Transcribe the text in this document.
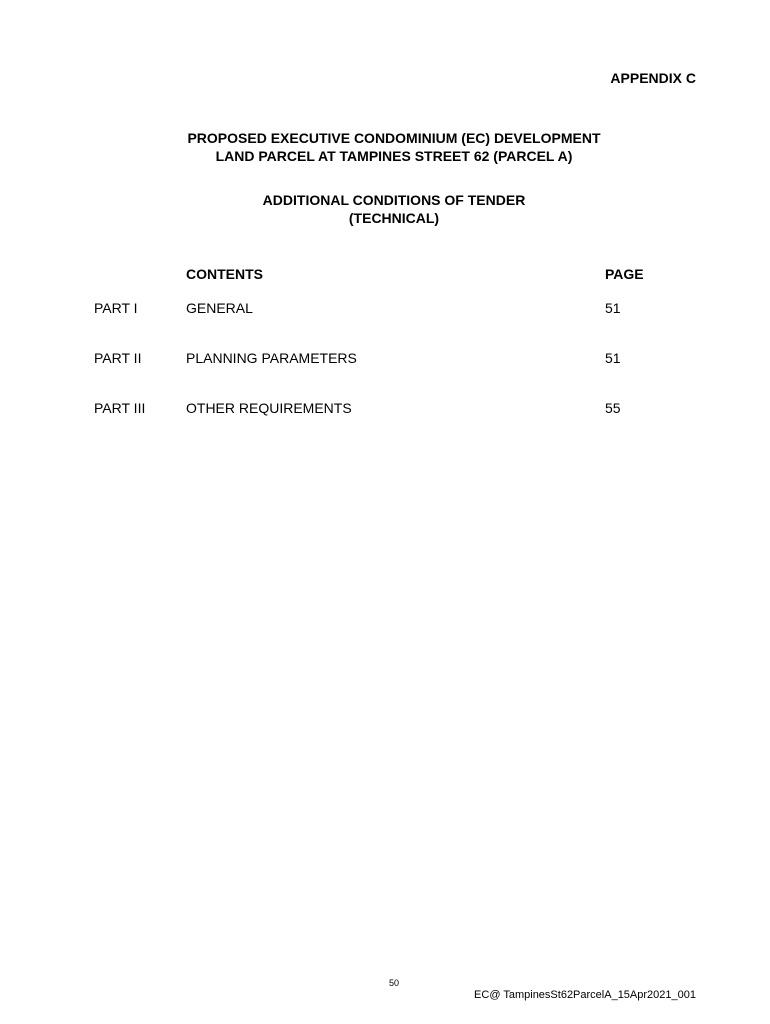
APPENDIX C
PROPOSED EXECUTIVE CONDOMINIUM (EC) DEVELOPMENT
LAND PARCEL AT TAMPINES STREET 62 (PARCEL A)
ADDITIONAL CONDITIONS OF TENDER
(TECHNICAL)
CONTENTS	PAGE
PART I	GENERAL	51
PART II	PLANNING PARAMETERS	51
PART III	OTHER REQUIREMENTS	55
50
EC@ TampinesSt62ParcelA_15Apr2021_001
